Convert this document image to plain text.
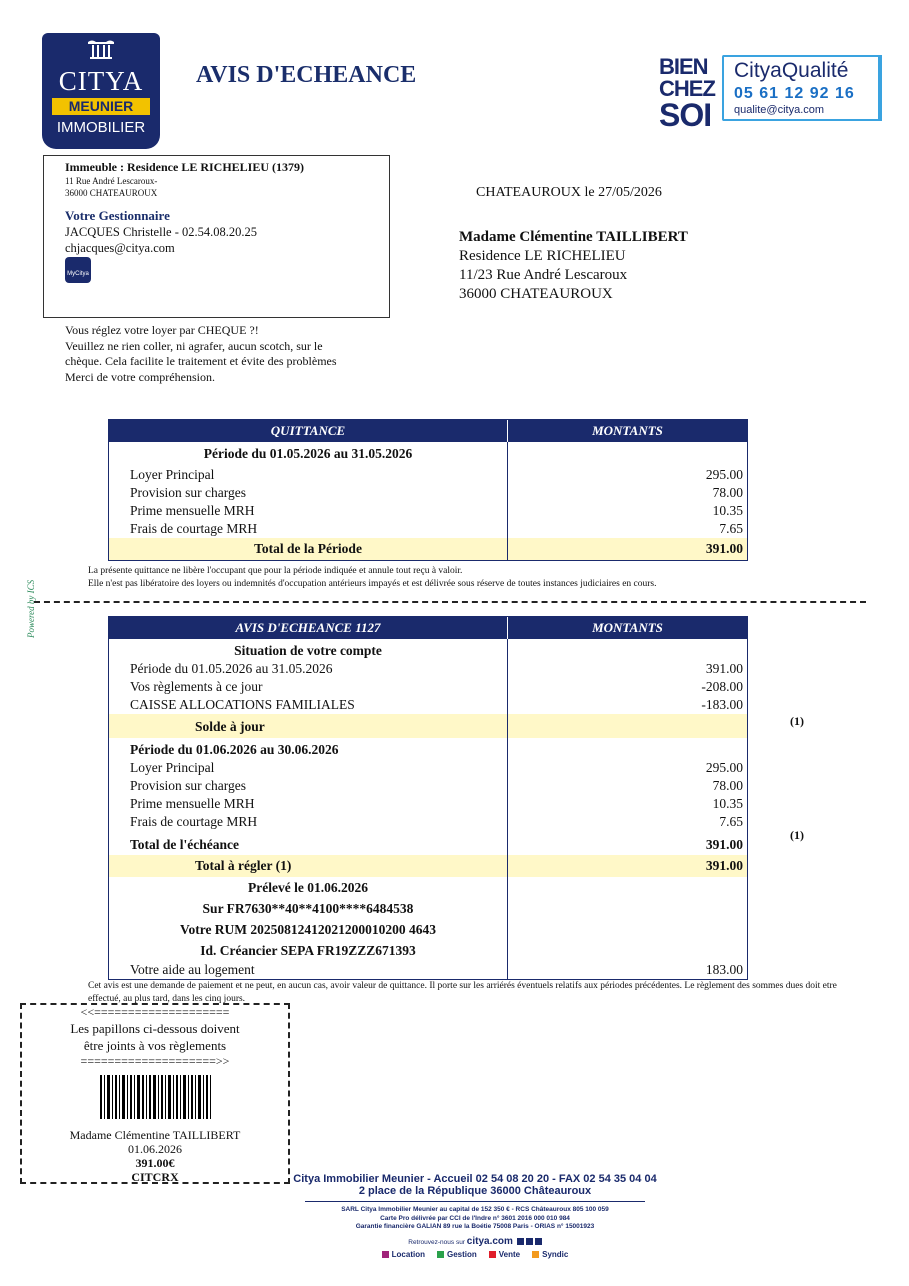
CITYA
MEUNIER
IMMOBILIER
AVIS D'ECHEANCE	BIEN
CHEZ
SOI
CityaQualité
05 61 12 92 16
qualite@citya.com
Immeuble : Residence LE RICHELIEU (1379)
11 Rue André Lescaroux-
36000 CHATEAUROUX
Votre Gestionnaire
JACQUES Christelle - 02.54.08.20.25
chjacques@citya.com
MyCitya
CHATEAUROUX le 27/05/2026
Madame Clémentine TAILLIBERT
Residence LE RICHELIEU
11/23 Rue André Lescaroux
36000 CHATEAUROUX
Vous réglez votre loyer par CHEQUE ?!
Veuillez ne rien coller, ni agrafer, aucun scotch, sur le
chèque. Cela facilite le traitement et évite des problèmes
Merci de votre compréhension.
QUITTANCE	MONTANTS
Période du 01.05.2026 au 31.05.2026
Loyer Principal	295.00
Provision sur charges	78.00
Prime mensuelle MRH	10.35
Frais de courtage MRH	7.65
Total de la Période	391.00
La présente quittance ne libère l'occupant que pour la période indiquée et annule tout reçu à valoir.
Elle n'est pas libératoire des loyers ou indemnités d'occupation antérieurs impayés et est délivrée sous réserve de toutes instances judiciaires en cours.
Powered by ICS	AVIS D'ECHEANCE 1127	MONTANTS
Situation de votre compte
Période du 01.05.2026 au 31.05.2026	391.00
Vos règlements à ce jour	-208.00
CAISSE ALLOCATIONS FAMILIALES	-183.00
Solde à jour
Période du 01.06.2026 au 30.06.2026
Loyer Principal	295.00
Provision sur charges	78.00
Prime mensuelle MRH	10.35
Frais de courtage MRH	7.65
Total de l'échéance	391.00
Total à régler (1)	391.00
Prélevé le 01.06.2026
Sur FR7630**40**4100****6484538
Votre RUM 20250812412021200010200 4643
Id. Créancier SEPA FR19ZZZ671393
Votre aide au logement	183.00
(1)
(1)
Cet avis est une demande de paiement et ne peut, en aucun cas, avoir valeur de quittance. Il porte sur les arriérés éventuels relatifs aux périodes précédentes. Le règlement des sommes dues doit etre effectué, au plus tard, dans les cinq jours.
<<====================
Les papillons ci-dessous doivent
être joints à vos règlements
====================>>
Madame Clémentine TAILLIBERT
01.06.2026
391.00€
CITCRX	Citya Immobilier Meunier - Accueil 02 54 08 20 20 - FAX 02 54 35 04 04
2 place de la République 36000 Châteauroux
SARL Citya Immobilier Meunier au capital de 152 350 € - RCS Châteauroux 805 100 059
Carte Pro délivrée par CCI de l'Indre n° 3601 2016 000 010 984
Garantie financière GALIAN 89 rue la Boétie 75008 Paris - ORIAS n° 15001923
Retrouvez-nous sur citya.com
Location	Gestion	Vente	Syndic
